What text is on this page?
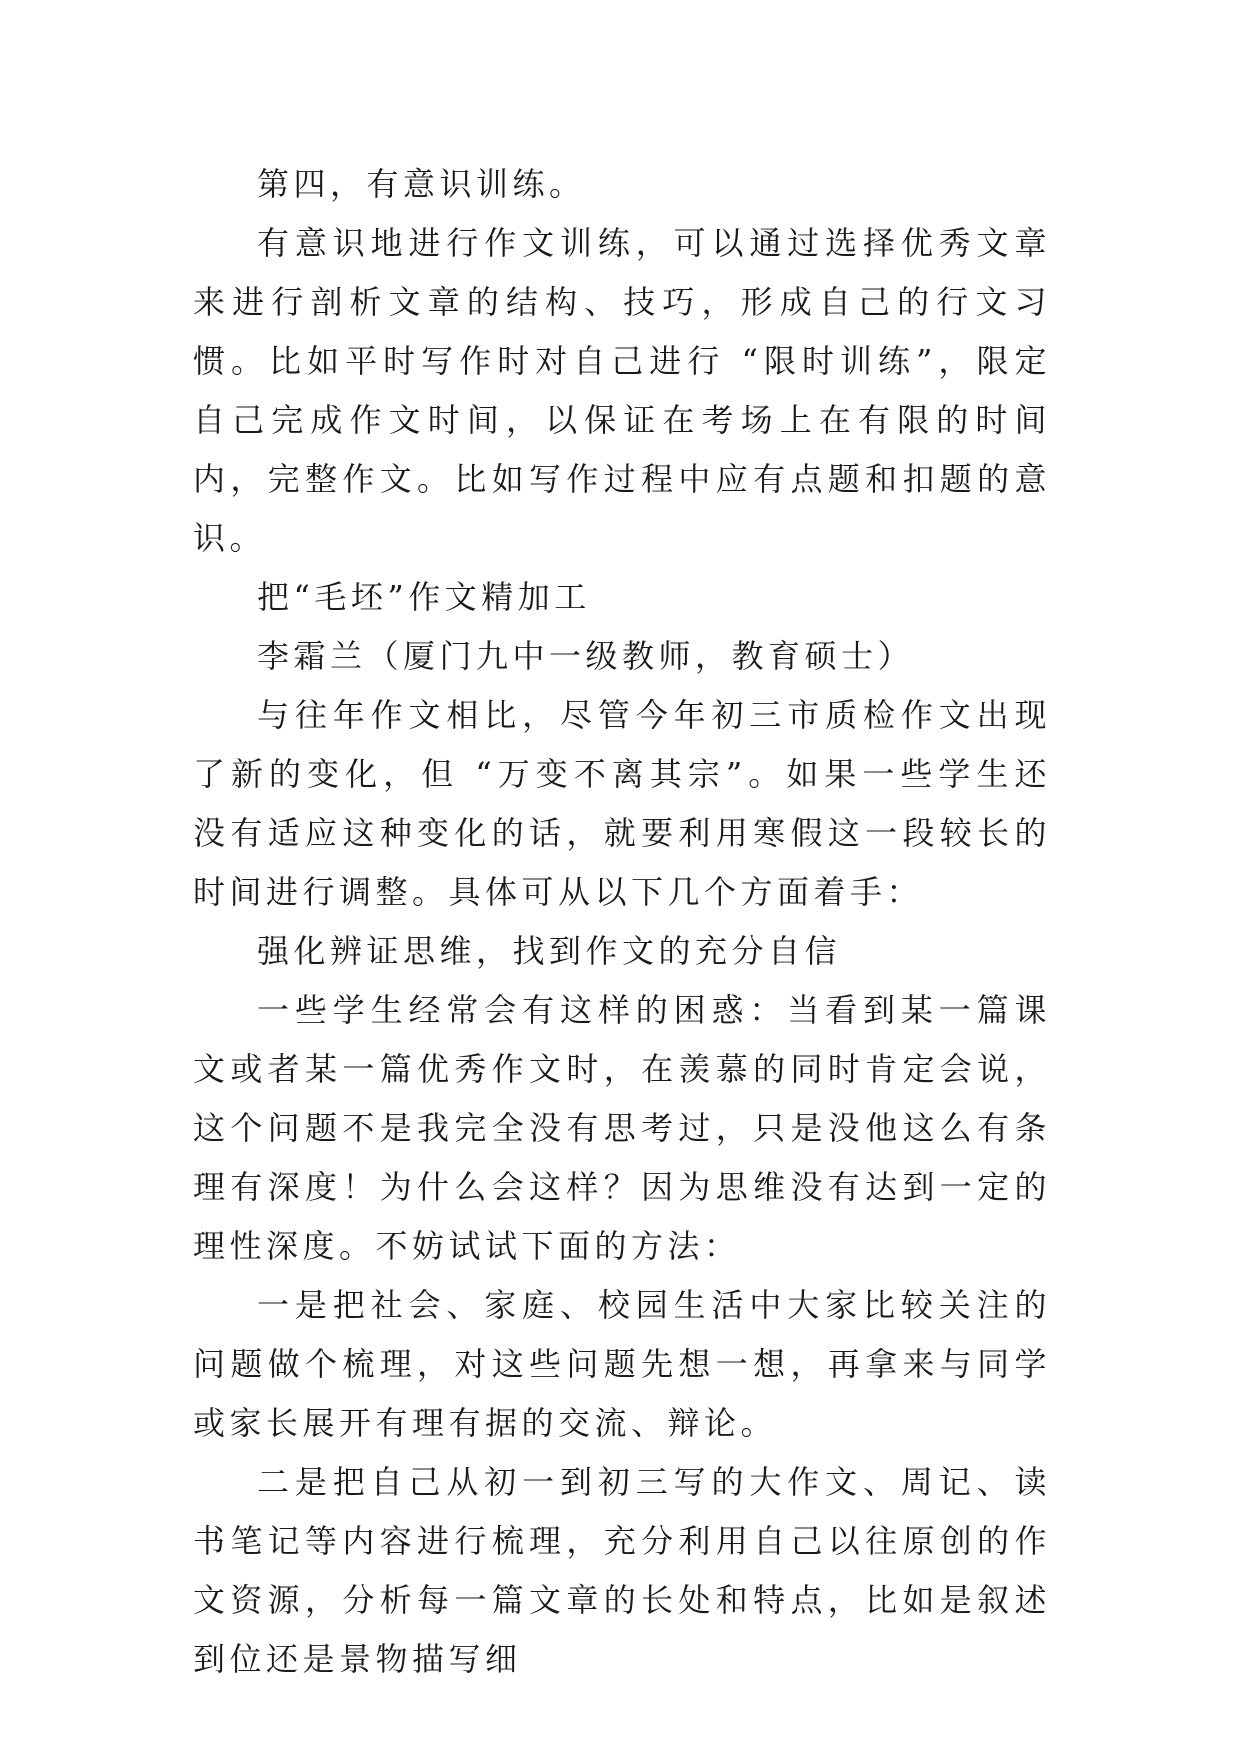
第四，有意识训练。

有意识地进行作文训练，可以通过选择优秀文章来进行剖析文章的结构、技巧，形成自己的行文习惯。比如平时写作时对自己进行 “限时训练”，限定自己完成作文时间，以保证在考场上在有限的时间内，完整作文。比如写作过程中应有点题和扣题的意识。

把“毛坯”作文精加工

李霜兰（厦门九中一级教师，教育硕士）

与往年作文相比，尽管今年初三市质检作文出现了新的变化，但 “万变不离其宗”。如果一些学生还没有适应这种变化的话，就要利用寒假这一段较长的时间进行调整。具体可从以下几个方面着手：

强化辨证思维，找到作文的充分自信

一些学生经常会有这样的困惑：当看到某一篇课文或者某一篇优秀作文时，在羡慕的同时肯定会说，这个问题不是我完全没有思考过，只是没他这么有条理有深度！为什么会这样？因为思维没有达到一定的理性深度。不妨试试下面的方法：

一是把社会、家庭、校园生活中大家比较关注的问题做个梳理，对这些问题先想一想，再拿来与同学或家长展开有理有据的交流、辩论。

二是把自己从初一到初三写的大作文、周记、读书笔记等内容进行梳理，充分利用自己以往原创的作文资源，分析每一篇文章的长处和特点，比如是叙述到位还是景物描写细
